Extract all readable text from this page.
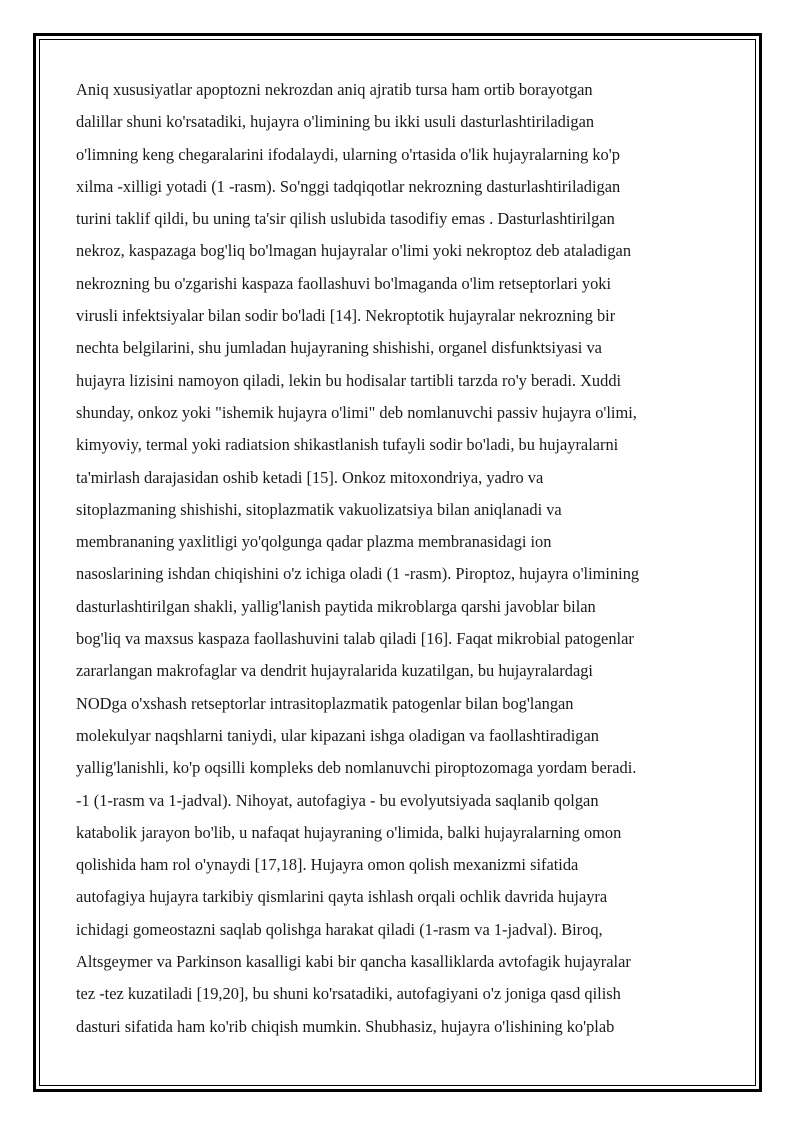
Aniq xususiyatlar apoptozni nekrozdan aniq ajratib tursa ham ortib borayotgan
dalillar shuni ko'rsatadiki, hujayra o'limining bu ikki usuli dasturlashtiriladigan
o'limning keng chegaralarini ifodalaydi, ularning o'rtasida o'lik hujayralarning ko'p
xilma -xilligi yotadi (1 -rasm). So'nggi tadqiqotlar nekrozning dasturlashtiriladigan
turini taklif qildi, bu uning ta'sir qilish uslubida tasodifiy emas . Dasturlashtirilgan
nekroz, kaspazaga bog'liq bo'lmagan hujayralar o'limi yoki nekroptoz deb ataladigan
nekrozning bu o'zgarishi kaspaza faollashuvi bo'lmaganda o'lim retseptorlari yoki
virusli infektsiyalar bilan sodir bo'ladi [14]. Nekroptotik hujayralar nekrozning bir
nechta belgilarini, shu jumladan hujayraning shishishi, organel disfunktsiyasi va
hujayra lizisini namoyon qiladi, lekin bu hodisalar tartibli tarzda ro'y beradi. Xuddi
shunday, onkoz yoki "ishemik hujayra o'limi" deb nomlanuvchi passiv hujayra o'limi,
kimyoviy, termal yoki radiatsion shikastlanish tufayli sodir bo'ladi, bu hujayralarni
ta'mirlash darajasidan oshib ketadi [15]. Onkoz mitoxondriya, yadro va
sitoplazmaning shishishi, sitoplazmatik vakuolizatsiya bilan aniqlanadi va
membrananing yaxlitligi yo'qolgunga qadar plazma membranasidagi ion
nasoslarining ishdan chiqishini o'z ichiga oladi (1 -rasm). Piroptoz, hujayra o'limining
dasturlashtirilgan shakli, yallig'lanish paytida mikroblarga qarshi javoblar bilan
bog'liq va maxsus kaspaza faollashuvini talab qiladi [16]. Faqat mikrobial patogenlar
zararlangan makrofaglar va dendrit hujayralarida kuzatilgan, bu hujayralardagi
NODga o'xshash retseptorlar intrasitoplazmatik patogenlar bilan bog'langan
molekulyar naqshlarni taniydi, ular kipazani ishga oladigan va faollashtiradigan
yallig'lanishli, ko'p oqsilli kompleks deb nomlanuvchi piroptozomaga yordam beradi.
-1 (1-rasm va 1-jadval). Nihoyat, autofagiya - bu evolyutsiyada saqlanib qolgan
katabolik jarayon bo'lib, u nafaqat hujayraning o'limida, balki hujayralarning omon
qolishida ham rol o'ynaydi [17,18]. Hujayra omon qolish mexanizmi sifatida
autofagiya hujayra tarkibiy qismlarini qayta ishlash orqali ochlik davrida hujayra
ichidagi gomeostazni saqlab qolishga harakat qiladi (1-rasm va 1-jadval). Biroq,
Altsgeymer va Parkinson kasalligi kabi bir qancha kasalliklarda avtofagik hujayralar
tez -tez kuzatiladi [19,20], bu shuni ko'rsatadiki, autofagiyani o'z joniga qasd qilish
dasturi sifatida ham ko'rib chiqish mumkin. Shubhasiz, hujayra o'lishining ko'plab
